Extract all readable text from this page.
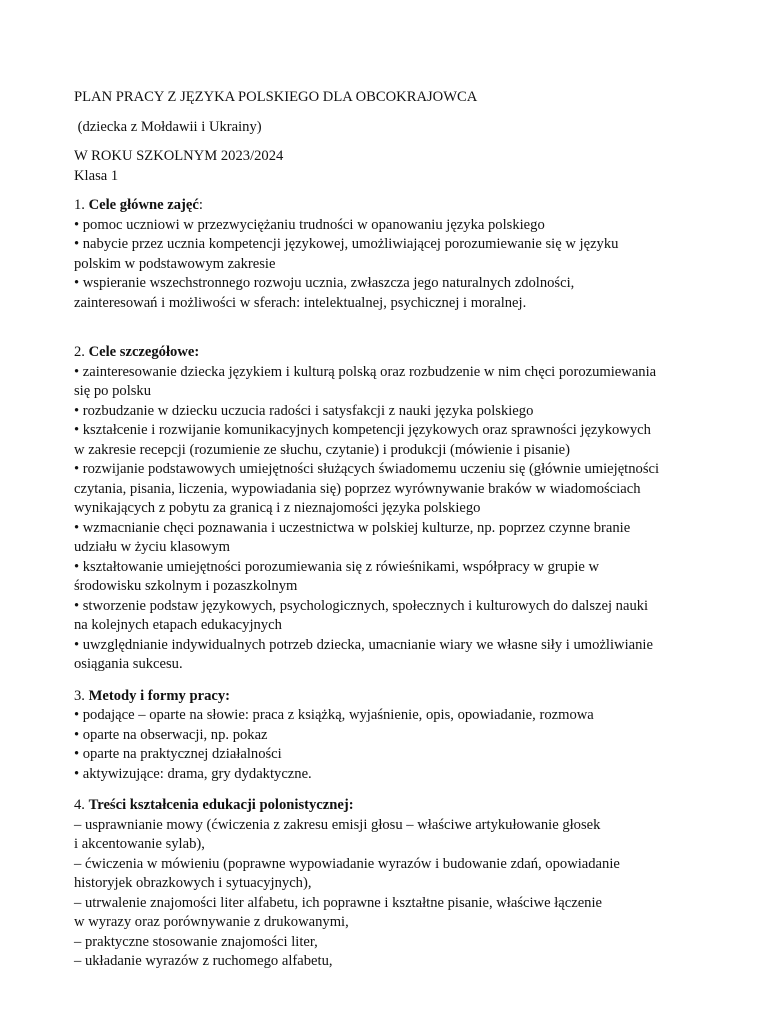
PLAN PRACY Z JĘZYKA POLSKIEGO DLA OBCOKRAJOWCA

(dziecka z Mołdawii i Ukrainy)

W ROKU SZKOLNYM 2023/2024

Klasa 1

1. Cele główne zajęć:

• pomoc uczniowi w przezwyciężaniu trudności w opanowaniu języka polskiego

• nabycie przez ucznia kompetencji językowej, umożliwiającej porozumiewanie się w języku

polskim w podstawowym zakresie

• wspieranie wszechstronnego rozwoju ucznia, zwłaszcza jego naturalnych zdolności,

zainteresowań i możliwości w sferach: intelektualnej, psychicznej i moralnej.

2. Cele szczegółowe:

• zainteresowanie dziecka językiem i kulturą polską oraz rozbudzenie w nim chęci porozumiewania

się po polsku

• rozbudzanie w dziecku uczucia radości i satysfakcji z nauki języka polskiego

• kształcenie i rozwijanie komunikacyjnych kompetencji językowych oraz sprawności językowych

w zakresie recepcji (rozumienie ze słuchu, czytanie) i produkcji (mówienie i pisanie)

• rozwijanie podstawowych umiejętności służących świadomemu uczeniu się (głównie umiejętności

czytania, pisania, liczenia, wypowiadania się) poprzez wyrównywanie braków w wiadomościach

wynikających z pobytu za granicą i z nieznajomości języka polskiego

• wzmacnianie chęci poznawania i uczestnictwa w polskiej kulturze, np. poprzez czynne branie

udziału w życiu klasowym

• kształtowanie umiejętności porozumiewania się z rówieśnikami, współpracy w grupie w

środowisku szkolnym i pozaszkolnym

• stworzenie podstaw językowych, psychologicznych, społecznych i kulturowych do dalszej nauki

na kolejnych etapach edukacyjnych

• uwzględnianie indywidualnych potrzeb dziecka, umacnianie wiary we własne siły i umożliwianie

osiągania sukcesu.

3. Metody i formy pracy:

• podające – oparte na słowie: praca z książką, wyjaśnienie, opis, opowiadanie, rozmowa

• oparte na obserwacji, np. pokaz

• oparte na praktycznej działalności

• aktywizujące: drama, gry dydaktyczne.

4. Treści kształcenia edukacji polonistycznej:

– usprawnianie mowy (ćwiczenia z zakresu emisji głosu – właściwe artykułowanie głosek

i akcentowanie sylab),

– ćwiczenia w mówieniu (poprawne wypowiadanie wyrazów i budowanie zdań, opowiadanie

historyjek obrazkowych i sytuacyjnych),

– utrwalenie znajomości liter alfabetu, ich poprawne i kształtne pisanie, właściwe łączenie

w wyrazy oraz porównywanie z drukowanymi,

– praktyczne stosowanie znajomości liter,

– układanie wyrazów z ruchomego alfabetu,
